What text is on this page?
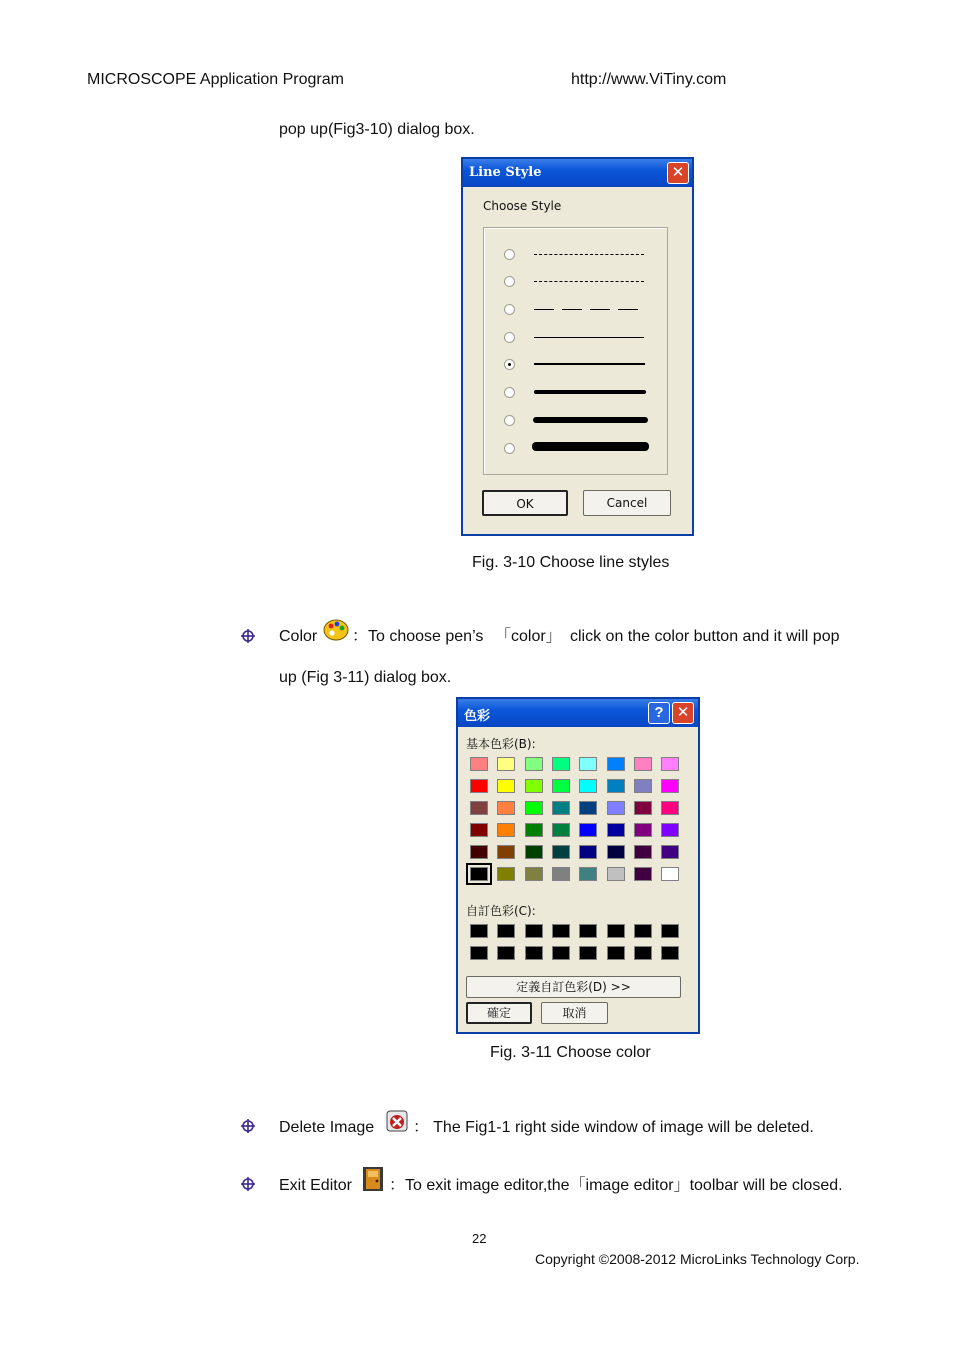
MICROSCOPE Application Program	http://www.ViTiny.com
pop up(Fig3-10) dialog box.
Line Style	✕
Choose Style
OK	Cancel
Fig. 3-10 Choose line styles
Color ：To choose pen’s 「color」 click on the color button and it will pop
up (Fig 3-11) dialog box.
色彩	? ✕
基本色彩(B):
自訂色彩(C):
定義自訂色彩(D) >>
確定	取消
Fig. 3-11 Choose color
Delete Image ： The Fig1-1 right side window of image will be deleted.
Exit Editor ：To exit image editor,the「image editor」toolbar will be closed.
22
Copyright ©2008-2012 MicroLinks Technology Corp.
